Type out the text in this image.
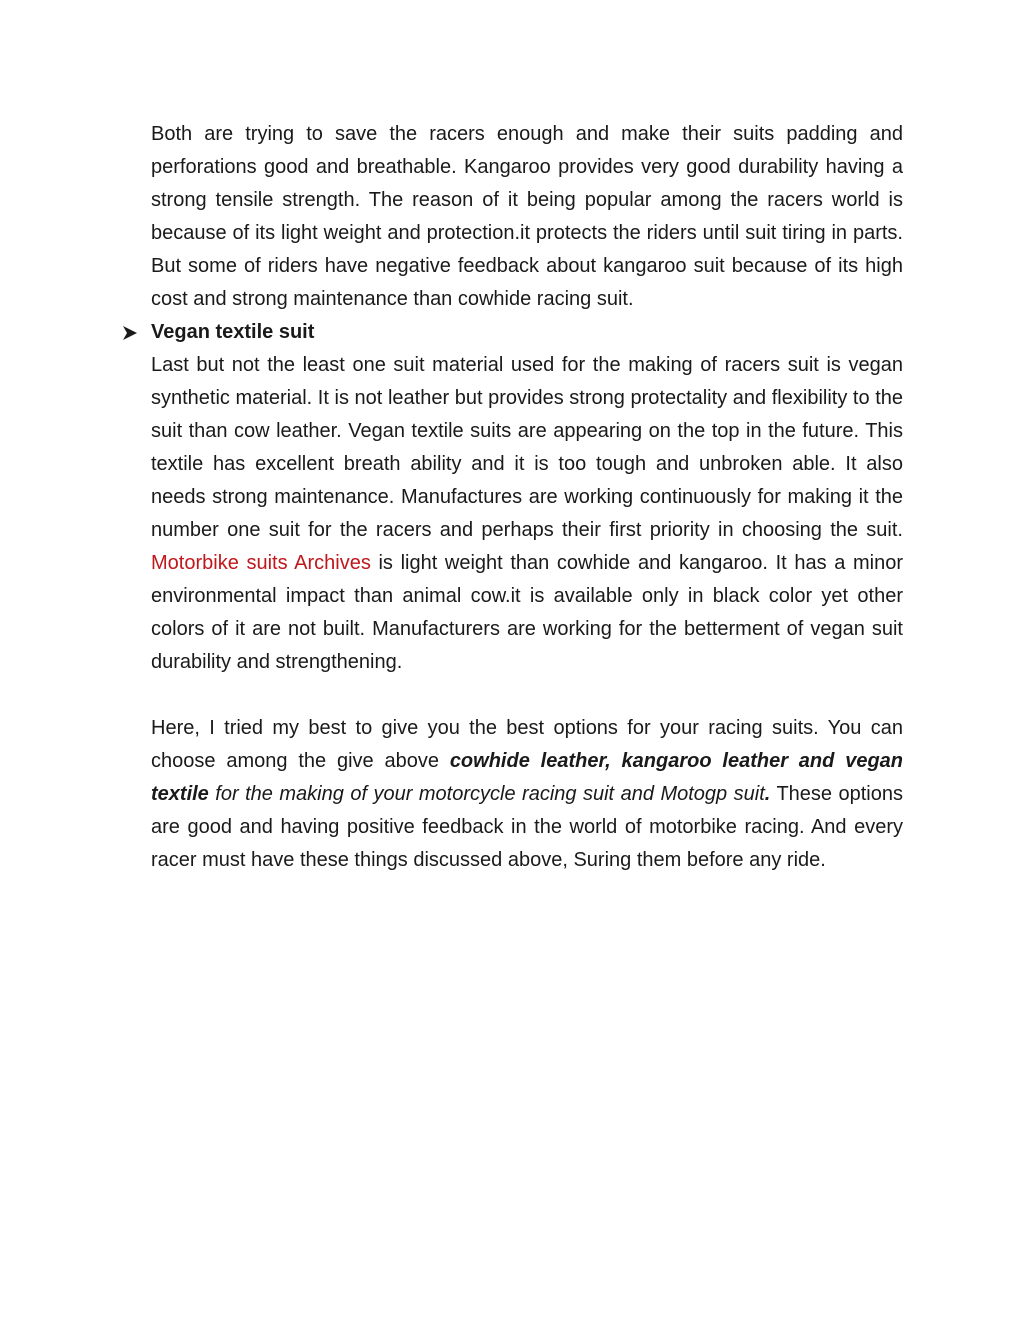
Both are trying to save the racers enough and make their suits padding and perforations good and breathable. Kangaroo provides very good durability having a strong tensile strength. The reason of it being popular among the racers world is because of its light weight and protection.it protects the riders until suit tiring in parts. But some of riders have negative feedback about kangaroo suit because of its high cost and strong maintenance than cowhide racing suit.

Vegan textile suit

Last but not the least one suit material used for the making of racers suit is vegan synthetic material. It is not leather but provides strong protectality and flexibility to the suit than cow leather. Vegan textile suits are appearing on the top in the future. This textile has excellent breath ability and it is too tough and unbroken able. It also needs strong maintenance. Manufactures are working continuously for making it the number one suit for the racers and perhaps their first priority in choosing the suit. Motorbike suits Archives is light weight than cowhide and kangaroo. It has a minor environmental impact than animal cow.it is available only in black color yet other colors of it are not built. Manufacturers are working for the betterment of vegan suit durability and strengthening.

Here, I tried my best to give you the best options for your racing suits. You can choose among the give above cowhide leather, kangaroo leather and vegan textile for the making of your motorcycle racing suit and Motogp suit. These options are good and having positive feedback in the world of motorbike racing. And every racer must have these things discussed above, Suring them before any ride.
